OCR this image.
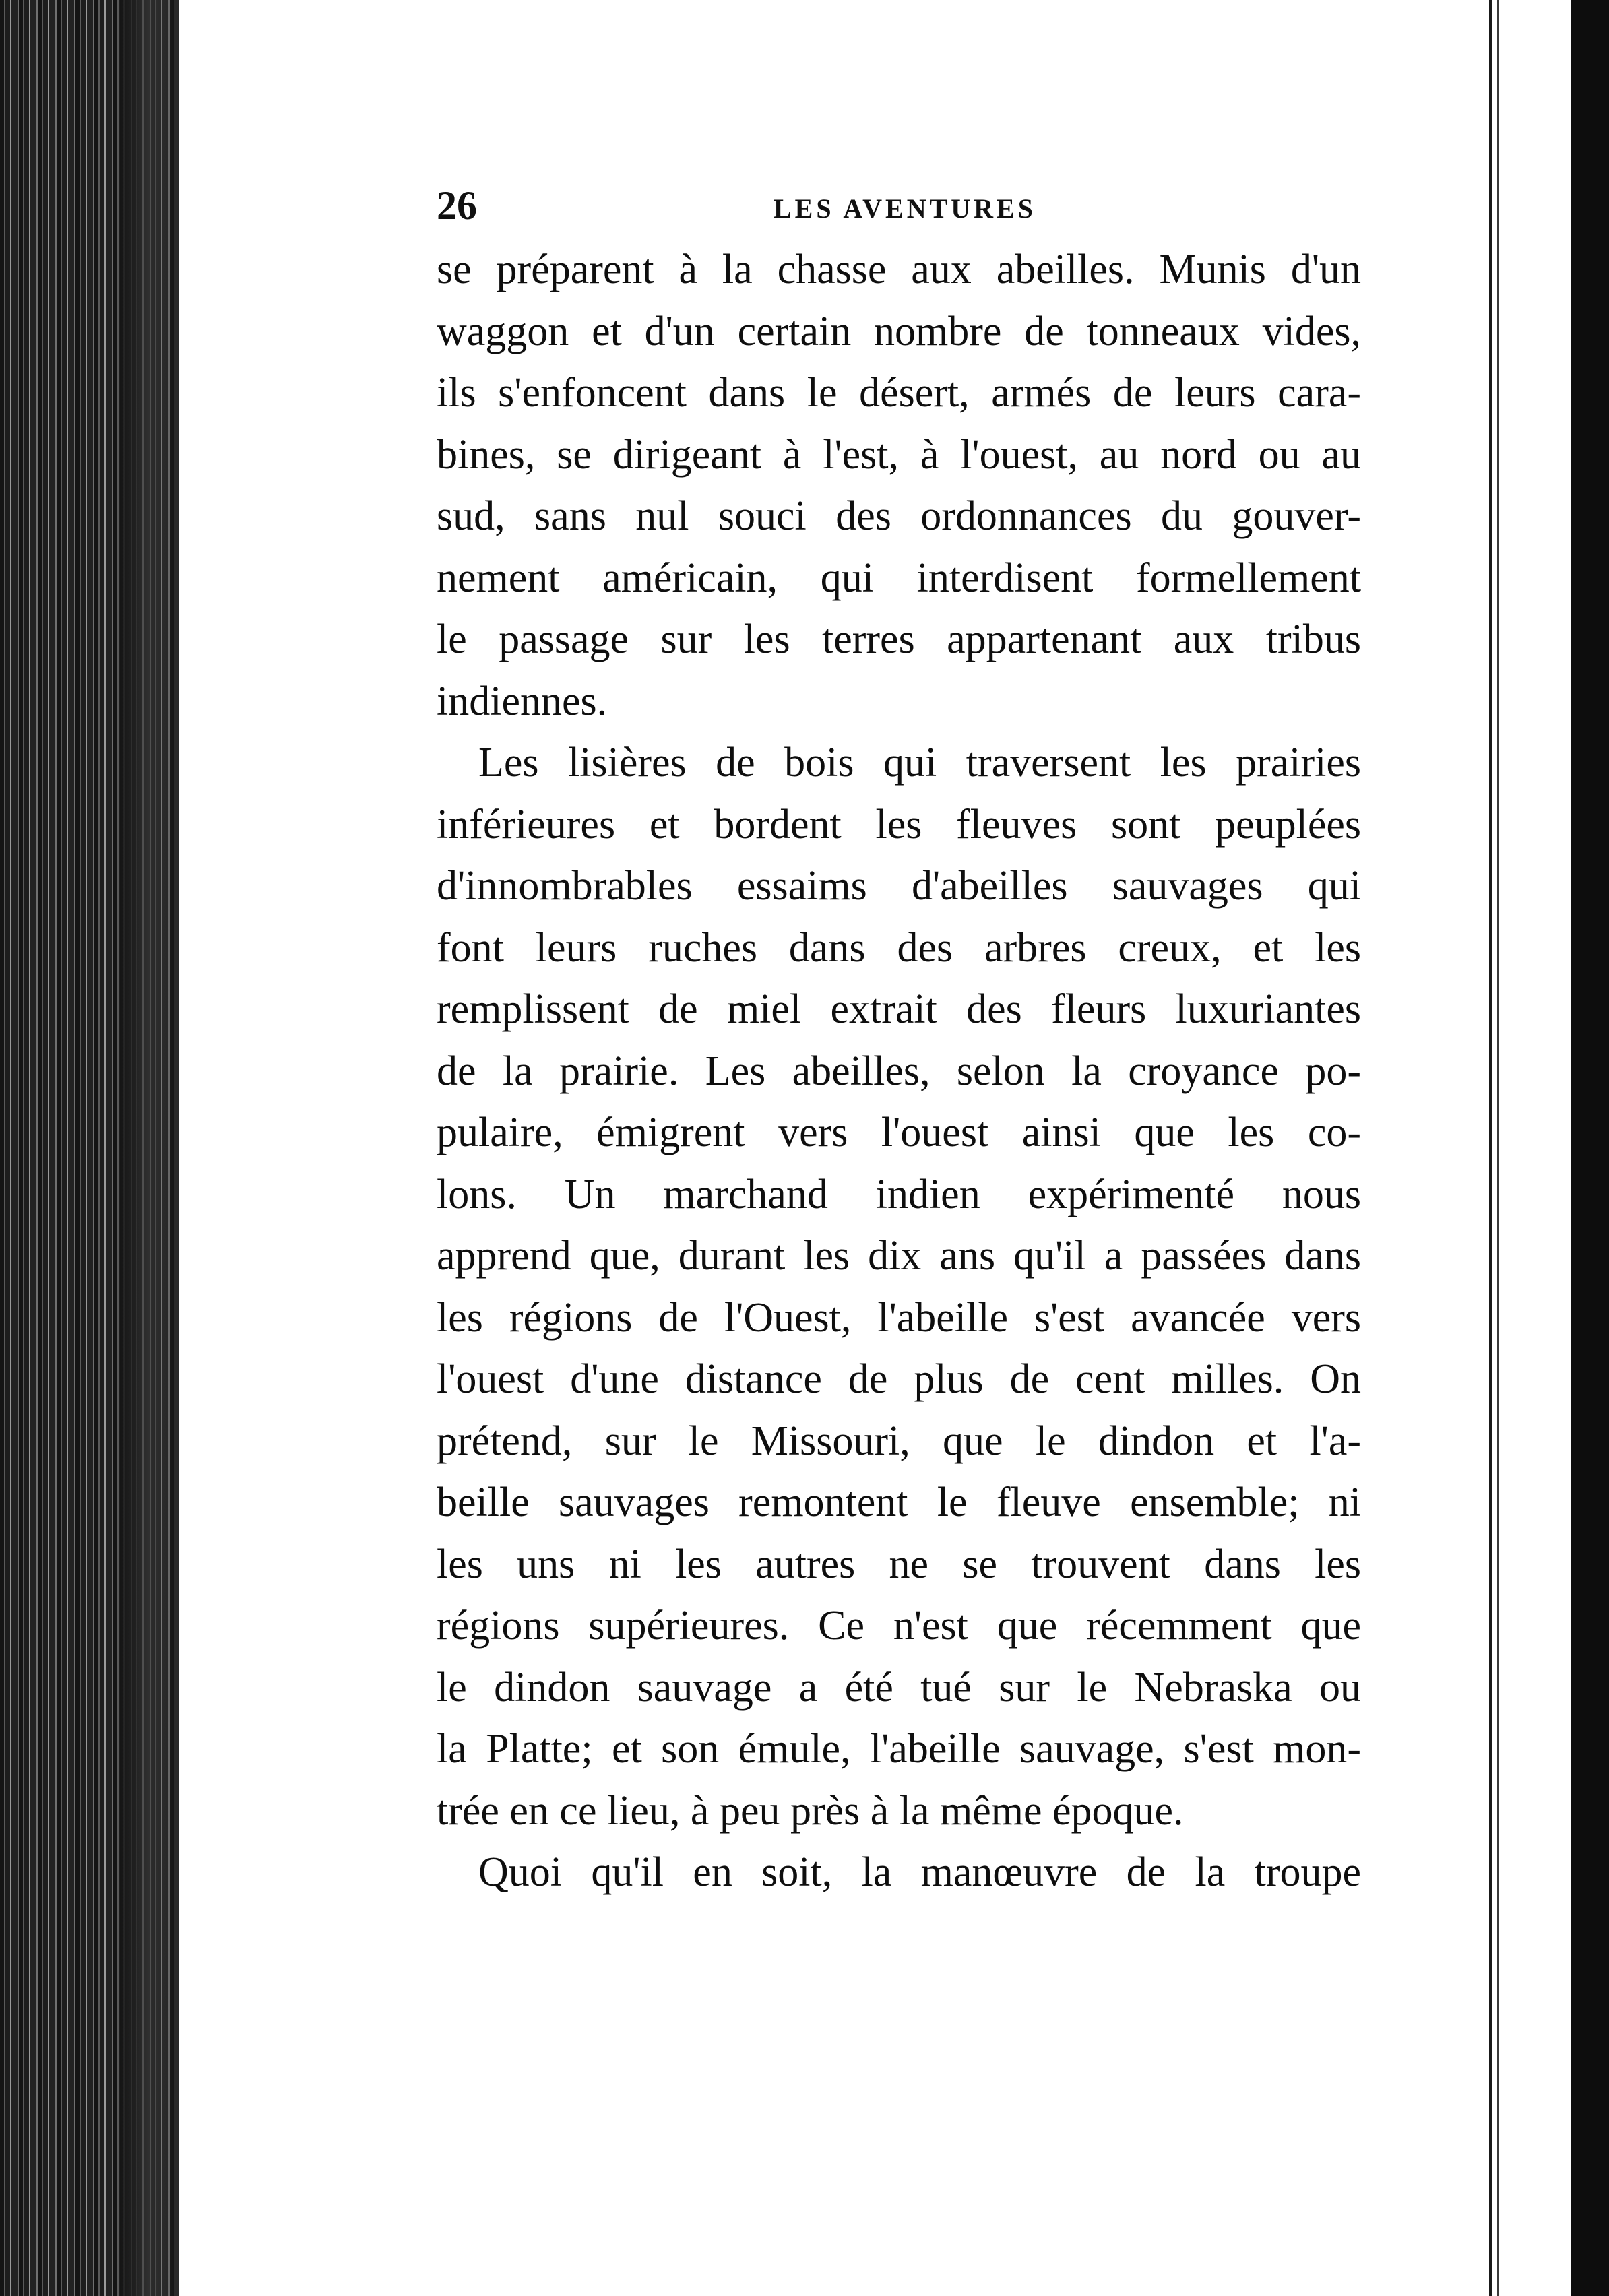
26	LES AVENTURES
se préparent à la chasse aux abeilles. Munis d'un
waggon et d'un certain nombre de tonneaux vides,
ils s'enfoncent dans le désert, armés de leurs cara-
bines, se dirigeant à l'est, à l'ouest, au nord ou au
sud, sans nul souci des ordonnances du gouver-
nement américain, qui interdisent formellement
le passage sur les terres appartenant aux tribus
indiennes.
Les lisières de bois qui traversent les prairies
inférieures et bordent les fleuves sont peuplées
d'innombrables essaims d'abeilles sauvages qui
font leurs ruches dans des arbres creux, et les
remplissent de miel extrait des fleurs luxuriantes
de la prairie. Les abeilles, selon la croyance po-
pulaire, émigrent vers l'ouest ainsi que les co-
lons. Un marchand indien expérimenté nous
apprend que, durant les dix ans qu'il a passées dans
les régions de l'Ouest, l'abeille s'est avancée vers
l'ouest d'une distance de plus de cent milles. On
prétend, sur le Missouri, que le dindon et l'a-
beille sauvages remontent le fleuve ensemble; ni
les uns ni les autres ne se trouvent dans les
régions supérieures. Ce n'est que récemment que
le dindon sauvage a été tué sur le Nebraska ou
la Platte; et son émule, l'abeille sauvage, s'est mon-
trée en ce lieu, à peu près à la même époque.
Quoi qu'il en soit, la manœuvre de la troupe
